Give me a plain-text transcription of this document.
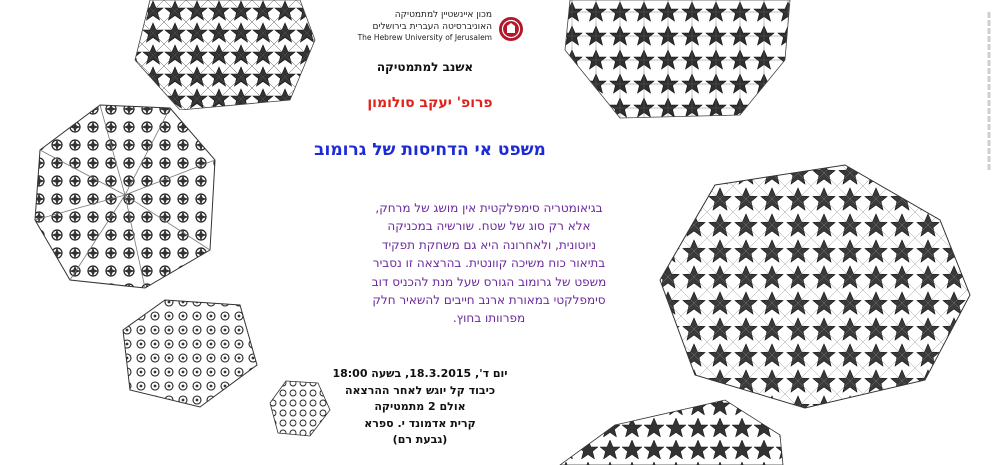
מכון איינשטיין למתמטיקה
האוניברסיטה העברית בירושלים
The Hebrew University of Jerusalem
אשנב למתמטיקה
פרופ' יעקב סולומון
משפט אי הדחיסות של גרומוב
בגיאומטריה סימפלקטית אין מושג של מרחק,
אלא רק סוג של שטח. שורשיה במכניקה
ניוטונית, ולאחרונה היא גם משחקת תפקיד
בתיאור כוח משיכה קוונטית. בהרצאה זו נסביר
משפט של גרומוב הגורס שעל מנת להכניס דוב
סימפלקטי במאורת ארנב חייבים להשאיר חלק
מפרוותו בחוץ.
יום ד', 18.3.2015, בשעה 18:00
כיבוד קל יוגש לאחר ההרצאה
אולם 2 מתמטיקה
קרית אדמונד י. ספרא
(גבעת רם)
